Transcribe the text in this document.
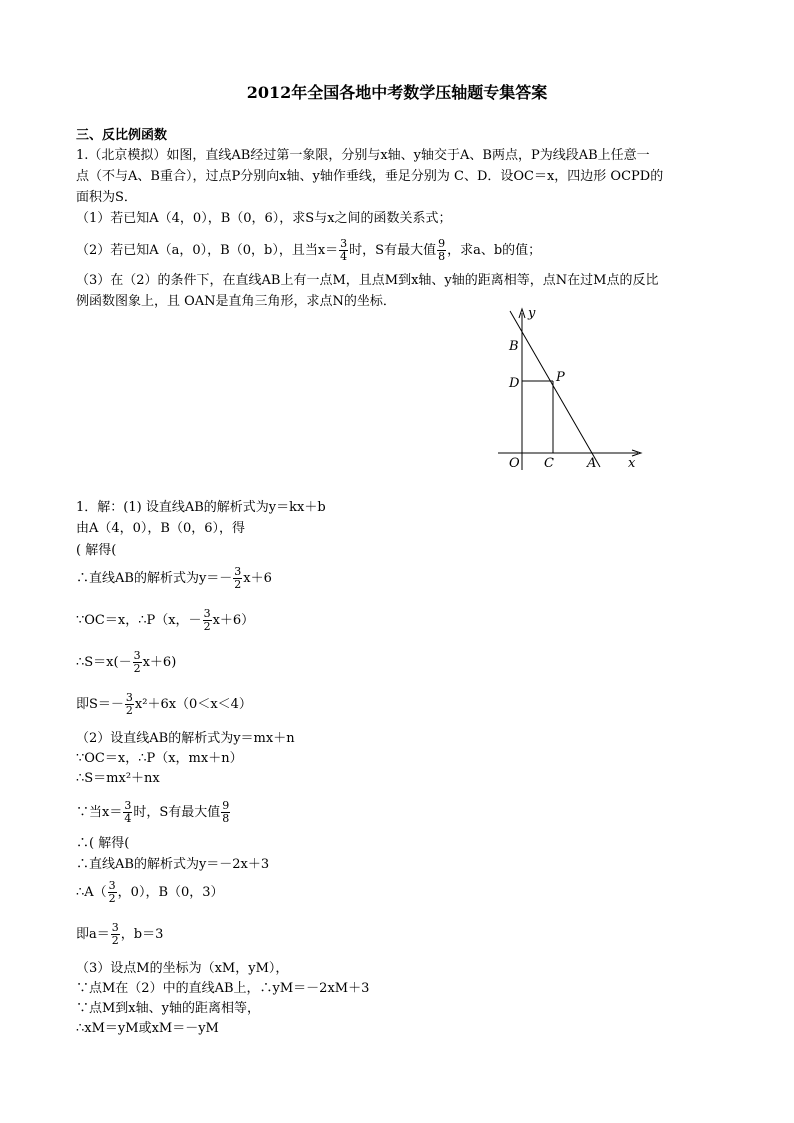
2012年全国各地中考数学压轴题专集答案
三、反比例函数
1.（北京模拟）如图，直线AB经过第一象限，分别与x轴、y轴交于A、B两点，P为线段AB上任意一
点（不与A、B重合），过点P分别向x轴、y轴作垂线，垂足分别为 C、D．设OC＝x，四边形 OCPD的
面积为S．
（1）若已知A（4，0），B（0，6），求S与x之间的函数关系式；
（2）若已知A（a，0），B（0，b），且当$x= \frac{3}{4}$ 时，S有最大值 $\frac{9}{8}$ ，求a、b的值；
（3）在（2）的条件下，在直线AB上有一点M，且点M到x轴、y轴的距离相等，点N在过M点的反比
例函数图象上，且 OAN是直角三角形，求点N的坐标．
y
x
B
D	P
O C	A
1．解：(1) 设直线AB的解析式为y＝kx＋b
由A（4，0），B（0，6），得
( 解得(
∴直线AB的解析式为$y=- \frac{3}{2} x+6$
∵OC＝x，∴P（x，－ $\frac{3}{2} x+6$）
∴S＝x(－ $\frac{3}{2} x+6$)
即$S=- \frac{3}{2} x^2+6x(0<x<4)$
（2）设直线AB的解析式为y＝mx＋n
∵OC＝x，∴P（x，mx＋n）
∴S＝mx²＋nx
∵当$x= \frac{3}{4}$ 时，S有最大值 $\frac{9}{8}$
∴( 解得(
∴直线AB的解析式为y＝－2x＋3
∴A（ $\frac{3}{2}$ ，0），B（0，3）
即$a= \frac{3}{2}$ ，b＝3
（3）设点M的坐标为（xM，yM），
∵点M在（2）中的直线AB上，∴yM＝－2xM＋3
∵点M到x轴、y轴的距离相等，
∴xM＝yM或xM＝－yM
